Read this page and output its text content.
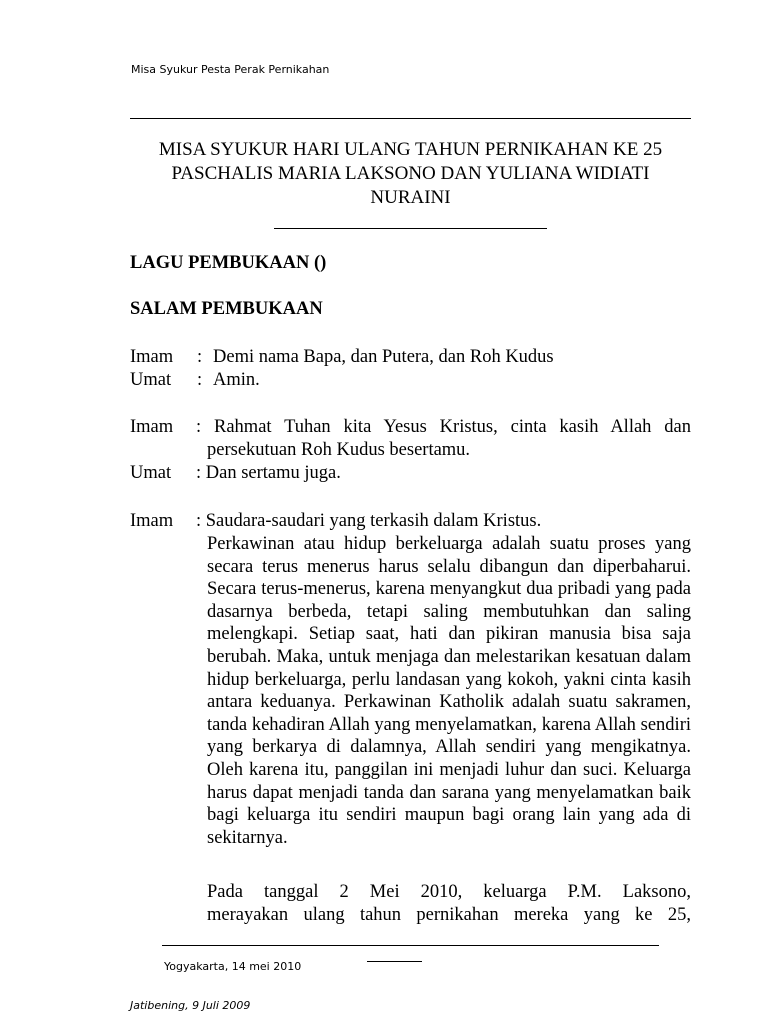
Misa Syukur Pesta Perak Pernikahan
MISA SYUKUR HARI ULANG TAHUN PERNIKAHAN KE 25
PASCHALIS MARIA LAKSONO DAN YULIANA WIDIATI
NURAINI
LAGU PEMBUKAAN ()
SALAM PEMBUKAAN
Imam : Demi nama Bapa, dan Putera, dan Roh Kudus
Umat : Amin.
Imam : Rahmat Tuhan kita Yesus Kristus, cinta kasih Allah dan
persekutuan Roh Kudus besertamu.
Umat : Dan sertamu juga.
Imam : Saudara-saudari yang terkasih dalam Kristus.
Perkawinan atau hidup berkeluarga adalah suatu proses yang secara terus menerus harus selalu dibangun dan diperbaharui. Secara terus-menerus, karena menyangkut dua pribadi yang pada dasarnya berbeda, tetapi saling membutuhkan dan saling melengkapi. Setiap saat, hati dan pikiran manusia bisa saja berubah. Maka, untuk menjaga dan melestarikan kesatuan dalam hidup berkeluarga, perlu landasan yang kokoh, yakni cinta kasih antara keduanya. Perkawinan Katholik adalah suatu sakramen, tanda kehadiran Allah yang menyelamatkan, karena Allah sendiri yang berkarya di dalamnya, Allah sendiri yang mengikatnya. Oleh karena itu, panggilan ini menjadi luhur dan suci. Keluarga harus dapat menjadi tanda dan sarana yang menyelamatkan baik bagi keluarga itu sendiri maupun bagi orang lain yang ada di sekitarnya.
Pada tanggal 2 Mei 2010, keluarga P.M. Laksono,
merayakan ulang tahun pernikahan mereka yang ke 25,
Yogyakarta, 14 mei 2010
Jatibening, 9 Juli 2009
